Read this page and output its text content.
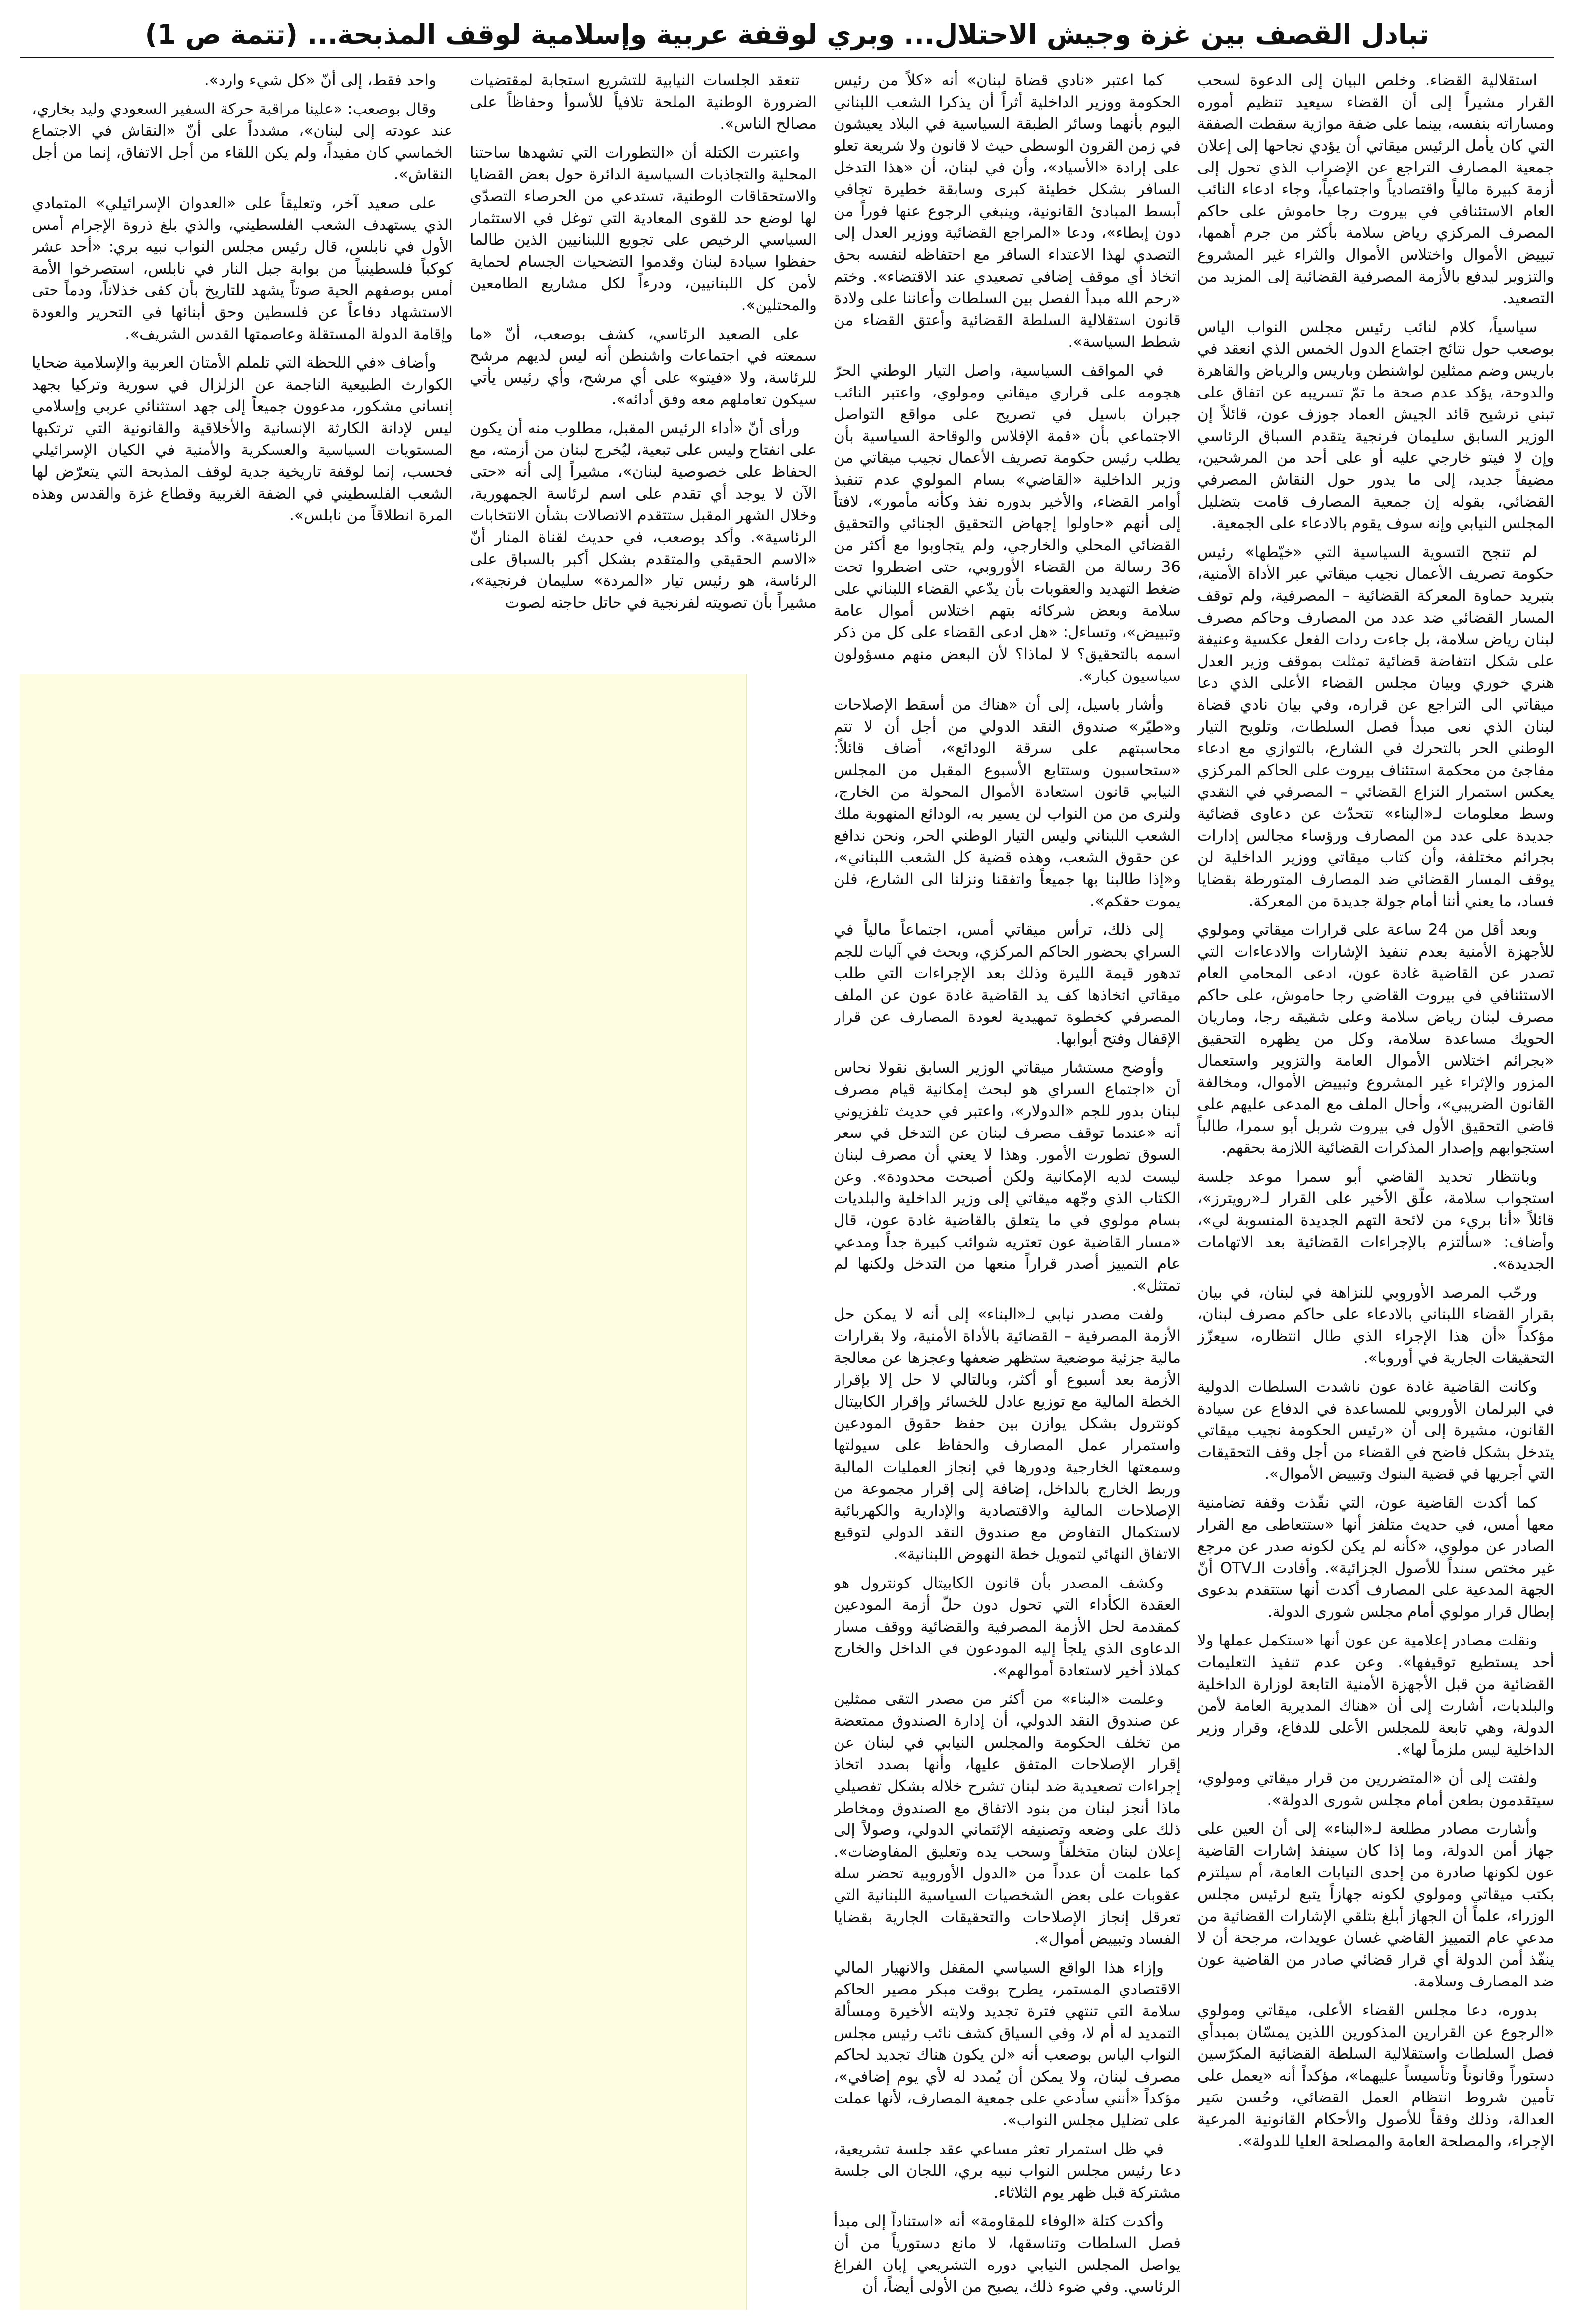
تبادل القصف بين غزة وجيش الاحتلال... وبري لوقفة عربية وإسلامية لوقف المذبحة... (تتمة ص 1)

استقلالية القضاء. وخلص البيان إلى الدعوة لسحب القرار مشيراً إلى أن القضاء سيعيد تنظيم أموره ومساراته بنفسه، بينما على ضفة موازية سقطت الصفقة التي كان يأمل الرئيس ميقاتي أن يؤدي نجاحها إلى إعلان جمعية المصارف التراجع عن الإضراب الذي تحول إلى أزمة كبيرة مالياً واقتصادياً واجتماعياً، وجاء ادعاء النائب العام الاستئنافي في بيروت رجا حاموش على حاكم المصرف المركزي رياض سلامة بأكثر من جرم أهمها، تبييض الأموال واختلاس الأموال والثراء غير المشروع والتزوير ليدفع بالأزمة المصرفية القضائية إلى المزيد من التصعيد.

سياسياً، كلام لنائب رئيس مجلس النواب الياس بوصعب حول نتائج اجتماع الدول الخمس الذي انعقد في باريس وضم ممثلين لواشنطن وباريس والرياض والقاهرة والدوحة، يؤكد عدم صحة ما تمّ تسريبه عن اتفاق على تبني ترشيح قائد الجيش العماد جوزف عون، قائلاً إن الوزير السابق سليمان فرنجية يتقدم السباق الرئاسي وإن لا فيتو خارجي عليه أو على أحد من المرشحين، مضيفاً جديد، إلى ما يدور حول النقاش المصرفي القضائي، بقوله إن جمعية المصارف قامت بتضليل المجلس النيابي وإنه سوف يقوم بالادعاء على الجمعية.

لم تنجح التسوية السياسية التي «خيّطها» رئيس حكومة تصريف الأعمال نجيب ميقاتي عبر الأداة الأمنية، بتبريد حماوة المعركة القضائية – المصرفية، ولم توقف المسار القضائي ضد عدد من المصارف وحاكم مصرف لبنان رياض سلامة، بل جاءت ردات الفعل عكسية وعنيفة على شكل انتفاضة قضائية تمثلت بموقف وزير العدل هنري خوري وبيان مجلس القضاء الأعلى الذي دعا ميقاتي الى التراجع عن قراره، وفي بيان نادي قضاة لبنان الذي نعى مبدأ فصل السلطات، وتلويح التيار الوطني الحر بالتحرك في الشارع، بالتوازي مع ادعاء مفاجئ من محكمة استئناف بيروت على الحاكم المركزي يعكس استمرار النزاع القضائي – المصرفي في النقدي وسط معلومات لـ«البناء» تتحدّث عن دعاوى قضائية جديدة على عدد من المصارف ورؤساء مجالس إدارات بجرائم مختلفة، وأن كتاب ميقاتي ووزير الداخلية لن يوقف المسار القضائي ضد المصارف المتورطة بقضايا فساد، ما يعني أننا أمام جولة جديدة من المعركة.

وبعد أقل من 24 ساعة على قرارات ميقاتي ومولوي للأجهزة الأمنية بعدم تنفيذ الإشارات والادعاءات التي تصدر عن القاضية غادة عون، ادعى المحامي العام الاستئنافي في بيروت القاضي رجا حاموش، على حاكم مصرف لبنان رياض سلامة وعلى شقيقه رجا، وماريان الحويك مساعدة سلامة، وكل من يظهره التحقيق «بجرائم اختلاس الأموال العامة والتزوير واستعمال المزور والإثراء غير المشروع وتبييض الأموال، ومخالفة القانون الضريبي»، وأحال الملف مع المدعى عليهم على قاضي التحقيق الأول في بيروت شربل أبو سمرا، طالباً استجوابهم وإصدار المذكرات القضائية اللازمة بحقهم.

وبانتظار تحديد القاضي أبو سمرا موعد جلسة استجواب سلامة، علّق الأخير على القرار لـ«رويترز»، قائلاً «أنا بريء من لائحة التهم الجديدة المنسوبة لي»، وأضاف: «سألتزم بالإجراءات القضائية بعد الاتهامات الجديدة».

ورحّب المرصد الأوروبي للنزاهة في لبنان، في بيان بقرار القضاء اللبناني بالادعاء على حاكم مصرف لبنان، مؤكداً «أن هذا الإجراء الذي طال انتظاره، سيعزّز التحقيقات الجارية في أوروبا».

وكانت القاضية غادة عون ناشدت السلطات الدولية في البرلمان الأوروبي للمساعدة في الدفاع عن سيادة القانون، مشيرة إلى أن «رئيس الحكومة نجيب ميقاتي يتدخل بشكل فاضح في القضاء من أجل وقف التحقيقات التي أجريها في قضية البنوك وتبييض الأموال».

كما أكدت القاضية عون، التي نفّذت وقفة تضامنية معها أمس، في حديث متلفز أنها «ستتعاطى مع القرار الصادر عن مولوي، «كأنه لم يكن لكونه صدر عن مرجع غير مختص سنداً للأصول الجزائية». وأفادت الـOTV أنّ الجهة المدعية على المصارف أكدت أنها ستتقدم بدعوى إبطال قرار مولوي أمام مجلس شورى الدولة.

ونقلت مصادر إعلامية عن عون أنها «ستكمل عملها ولا أحد يستطيع توقيفها». وعن عدم تنفيذ التعليمات القضائية من قبل الأجهزة الأمنية التابعة لوزارة الداخلية والبلديات، أشارت إلى أن «هناك المديرية العامة لأمن الدولة، وهي تابعة للمجلس الأعلى للدفاع، وقرار وزير الداخلية ليس ملزماً لها».

ولفتت إلى أن «المتضررين من قرار ميقاتي ومولوي، سيتقدمون بطعن أمام مجلس شورى الدولة».

وأشارت مصادر مطلعة لـ«البناء» إلى أن العين على جهاز أمن الدولة، وما إذا كان سينفذ إشارات القاضية عون لكونها صادرة من إحدى النيابات العامة، أم سيلتزم بكتب ميقاتي ومولوي لكونه جهازاً يتبع لرئيس مجلس الوزراء، علماً أن الجهاز أبلغ بتلقي الإشارات القضائية من مدعي عام التمييز القاضي غسان عويدات، مرجحة أن لا ينفّذ أمن الدولة أي قرار قضائي صادر من القاضية عون ضد المصارف وسلامة.

بدوره، دعا مجلس القضاء الأعلى، ميقاتي ومولوي «الرجوع عن القرارين المذكورين اللذين يمسّان بمبدأي فصل السلطات واستقلالية السلطة القضائية المكرّسين دستوراً وقانوناً وتأسيساً عليهما»، مؤكداً أنه «يعمل على تأمين شروط انتظام العمل القضائي، وحُسن سَير العدالة، وذلك وفقاً للأصول والأحكام القانونية المرعية الإجراء، والمصلحة العامة والمصلحة العليا للدولة».

كما اعتبر «نادي قضاة لبنان» أنه «كلاً من رئيس الحكومة ووزير الداخلية أثراً أن يذكرا الشعب اللبناني اليوم بأنهما وسائر الطبقة السياسية في البلاد يعيشون في زمن القرون الوسطى حيث لا قانون ولا شريعة تعلو على إرادة «الأسياد»، وأن في لبنان، أن «هذا التدخل السافر بشكل خطيئة كبرى وسابقة خطيرة تجافي أبسط المبادئ القانونية، وينبغي الرجوع عنها فوراً من دون إبطاء»، ودعا «المراجع القضائية ووزير العدل إلى التصدي لهذا الاعتداء السافر مع احتفاظه لنفسه بحق اتخاذ أي موقف إضافي تصعيدي عند الاقتضاء». وختم «رحم الله مبدأ الفصل بين السلطات وأعاننا على ولادة قانون استقلالية السلطة القضائية وأعتق القضاء من شطط السياسة».

في المواقف السياسية، واصل التيار الوطني الحرّ هجومه على قراري ميقاتي ومولوي، واعتبر النائب جبران باسيل في تصريح على مواقع التواصل الاجتماعي بأن «قمة الإفلاس والوقاحة السياسية بأن يطلب رئيس حكومة تصريف الأعمال نجيب ميقاتي من وزير الداخلية «القاضي» بسام المولوي عدم تنفيذ أوامر القضاء، والأخير بدوره نفذ وكأنه مأمور»، لافتاً إلى أنهم «حاولوا إجهاض التحقيق الجنائي والتحقيق القضائي المحلي والخارجي، ولم يتجاوبوا مع أكثر من 36 رسالة من القضاء الأوروبي، حتى اضطروا تحت ضغط التهديد والعقوبات بأن يدّعي القضاء اللبناني على سلامة وبعض شركائه بتهم اختلاس أموال عامة وتبييض»، وتساءل: «هل ادعى القضاء على كل من ذكر اسمه بالتحقيق؟ لا لماذا؟ لأن البعض منهم مسؤولون سياسيون كبار».

وأشار باسيل، إلى أن «هناك من أسقط الإصلاحات و«طيّر» صندوق النقد الدولي من أجل أن لا تتم محاسبتهم على سرقة الودائع»، أضاف قائلاً: «ستحاسبون وستتابع الأسبوع المقبل من المجلس النيابي قانون استعادة الأموال المحولة من الخارج، ولنرى من من النواب لن يسير به، الودائع المنهوبة ملك الشعب اللبناني وليس التيار الوطني الحر، ونحن ندافع عن حقوق الشعب، وهذه قضية كل الشعب اللبناني»، و«إذا طالبنا بها جميعاً واتفقنا ونزلنا الى الشارع، فلن يموت حقكم».

إلى ذلك، ترأس ميقاتي أمس، اجتماعاً مالياً في السراي بحضور الحاكم المركزي، وبحث في آليات للجم تدهور قيمة الليرة وذلك بعد الإجراءات التي طلب ميقاتي اتخاذها كف يد القاضية غادة عون عن الملف المصرفي كخطوة تمهيدية لعودة المصارف عن قرار الإقفال وفتح أبوابها.

وأوضح مستشار ميقاتي الوزير السابق نقولا نحاس أن «اجتماع السراي هو لبحث إمكانية قيام مصرف لبنان بدور للجم «الدولار»، واعتبر في حديث تلفزيوني أنه «عندما توقف مصرف لبنان عن التدخل في سعر السوق تطورت الأمور. وهذا لا يعني أن مصرف لبنان ليست لديه الإمكانية ولكن أصبحت محدودة». وعن الكتاب الذي وجّهه ميقاتي إلى وزير الداخلية والبلديات بسام مولوي في ما يتعلق بالقاضية غادة عون، قال «مسار القاضية عون تعتريه شوائب كبيرة جداً ومدعي عام التمييز أصدر قراراً منعها من التدخل ولكنها لم تمتثل».

ولفت مصدر نيابي لـ«البناء» إلى أنه لا يمكن حل الأزمة المصرفية – القضائية بالأداة الأمنية، ولا بقرارات مالية جزئية موضعية ستظهر ضعفها وعجزها عن معالجة الأزمة بعد أسبوع أو أكثر، وبالتالي لا حل إلا بإقرار الخطة المالية مع توزيع عادل للخسائر وإقرار الكابيتال كونترول بشكل يوازن بين حفظ حقوق المودعين واستمرار عمل المصارف والحفاظ على سيولتها وسمعتها الخارجية ودورها في إنجاز العمليات المالية وربط الخارج بالداخل، إضافة إلى إقرار مجموعة من الإصلاحات المالية والاقتصادية والإدارية والكهربائية لاستكمال التفاوض مع صندوق النقد الدولي لتوقيع الاتفاق النهائي لتمويل خطة النهوض اللبنانية».

وكشف المصدر بأن قانون الكابيتال كونترول هو العقدة الكأداء التي تحول دون حلّ أزمة المودعين كمقدمة لحل الأزمة المصرفية والقضائية ووقف مسار الدعاوى الذي يلجأ إليه المودعون في الداخل والخارج كملاذ أخير لاستعادة أموالهم».

وعلمت «البناء» من أكثر من مصدر التقى ممثلين عن صندوق النقد الدولي، أن إدارة الصندوق ممتعضة من تخلف الحكومة والمجلس النيابي في لبنان عن إقرار الإصلاحات المتفق عليها، وأنها بصدد اتخاذ إجراءات تصعيدية ضد لبنان تشرح خلاله بشكل تفصيلي ماذا أنجز لبنان من بنود الاتفاق مع الصندوق ومخاطر ذلك على وضعه وتصنيفه الإئتماني الدولي، وصولاً إلى إعلان لبنان متخلفاً وسحب يده وتعليق المفاوضات». كما علمت أن عدداً من «الدول الأوروبية تحضر سلة عقوبات على بعض الشخصيات السياسية اللبنانية التي تعرقل إنجاز الإصلاحات والتحقيقات الجارية بقضايا الفساد وتبييض أموال».

وإزاء هذا الواقع السياسي المقفل والانهيار المالي الاقتصادي المستمر، يطرح بوقت مبكر مصير الحاكم سلامة التي تنتهي فترة تجديد ولايته الأخيرة ومسألة التمديد له أم لا، وفي السياق كشف نائب رئيس مجلس النواب الياس بوصعب أنه «لن يكون هناك تجديد لحاكم مصرف لبنان، ولا يمكن أن يُمدد له لأي يوم إضافي»، مؤكداً «أنني سأدعي على جمعية المصارف، لأنها عملت على تضليل مجلس النواب».

في ظل استمرار تعثر مساعي عقد جلسة تشريعية، دعا رئيس مجلس النواب نبيه بري، اللجان الى جلسة مشتركة قبل ظهر يوم الثلاثاء.

وأكدت كتلة «الوفاء للمقاومة» أنه «استناداً إلى مبدأ فصل السلطات وتناسقها، لا مانع دستورياً من أن يواصل المجلس النيابي دوره التشريعي إبان الفراغ الرئاسي. وفي ضوء ذلك، يصبح من الأولى أيضاً، أن

تنعقد الجلسات النيابية للتشريع استجابة لمقتضيات الضرورة الوطنية الملحة تلافياً للأسوأ وحفاظاً على مصالح الناس».

واعتبرت الكتلة أن «التطورات التي تشهدها ساحتنا المحلية والتجاذبات السياسية الدائرة حول بعض القضايا والاستحقاقات الوطنية، تستدعي من الحرصاء التصدّي لها لوضع حد للقوى المعادية التي توغل في الاستثمار السياسي الرخيص على تجويع اللبنانيين الذين طالما حفظوا سيادة لبنان وقدموا التضحيات الجسام لحماية لأمن كل اللبنانيين، ودرءاً لكل مشاريع الطامعين والمحتلين».

على الصعيد الرئاسي، كشف بوصعب، أنّ «ما سمعته في اجتماعات واشنطن أنه ليس لديهم مرشح للرئاسة، ولا «فيتو» على أي مرشح، وأي رئيس يأتي سيكون تعاملهم معه وفق أدائه».

ورأى أنّ «أداء الرئيس المقبل، مطلوب منه أن يكون على انفتاح وليس على تبعية، ليُخرج لبنان من أزمته، مع الحفاظ على خصوصية لبنان»، مشيراً إلى أنه «حتى الآن لا يوجد أي تقدم على اسم لرئاسة الجمهورية، وخلال الشهر المقبل ستتقدم الاتصالات بشأن الانتخابات الرئاسية». وأكد بوصعب، في حديث لقناة المنار أنّ «الاسم الحقيقي والمتقدم بشكل أكبر بالسباق على الرئاسة، هو رئيس تيار «المردة» سليمان فرنجية»، مشيراً بأن تصويته لفرنجية في حاتل حاجته لصوت

واحد فقط، إلى أنّ «كل شيء وارد».

وقال بوصعب: «علينا مراقبة حركة السفير السعودي وليد بخاري، عند عودته إلى لبنان»، مشدداً على أنّ «النقاش في الاجتماع الخماسي كان مفيداً، ولم يكن اللقاء من أجل الاتفاق، إنما من أجل النقاش».

على صعيد آخر، وتعليقاً على «العدوان الإسرائيلي» المتمادي الذي يستهدف الشعب الفلسطيني، والذي بلغ ذروة الإجرام أمس الأول في نابلس، قال رئيس مجلس النواب نبيه بري: «أحد عشر كوكباً فلسطينياً من بوابة جبل النار في نابلس، استصرخوا الأمة أمس بوصفهم الحية صوتاً يشهد للتاريخ بأن كفى خذلاناً، ودماً حتى الاستشهاد دفاعاً عن فلسطين وحق أبنائها في التحرير والعودة وإقامة الدولة المستقلة وعاصمتها القدس الشريف».

وأضاف «في اللحظة التي تلملم الأمتان العربية والإسلامية ضحايا الكوارث الطبيعية الناجمة عن الزلزال في سورية وتركيا بجهد إنساني مشكور، مدعوون جميعاً إلى جهد استثنائي عربي وإسلامي ليس لإدانة الكارثة الإنسانية والأخلاقية والقانونية التي ترتكبها المستويات السياسية والعسكرية والأمنية في الكيان الإسرائيلي فحسب، إنما لوقفة تاريخية جدية لوقف المذبحة التي يتعرّض لها الشعب الفلسطيني في الضفة الغربية وقطاع غزة والقدس وهذه المرة انطلاقاً من نابلس».
